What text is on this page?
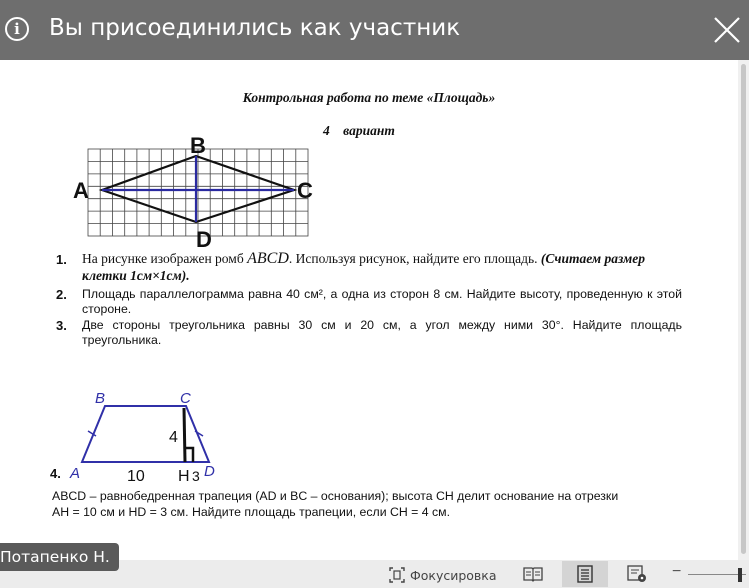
i	Вы присоединились как участник
Контрольная работа по теме «Площадь»
4 вариант
A
B
C
D
1. На рисунке изображен ромб ABCD. Используя рисунок, найдите его площадь. (Считаем размер клетки 1см×1см).
2. Площадь параллелограмма равна 40 см², а одна из сторон 8 см. Найдите высоту, проведенную к этой стороне.
3. Две стороны треугольника равны 30 см и 20 см, а угол между ними 30°. Найдите площадь треугольника.
B	C
A	D
H
10	3
4
4.
ABCD – равнобедренная трапеция (AD и BC – основания); высота CH делит основание на отрезки
AH = 10 см и HD = 3 см. Найдите площадь трапеции, если CH = 4 см.
Фокусировка	−
Потапенко Н.
